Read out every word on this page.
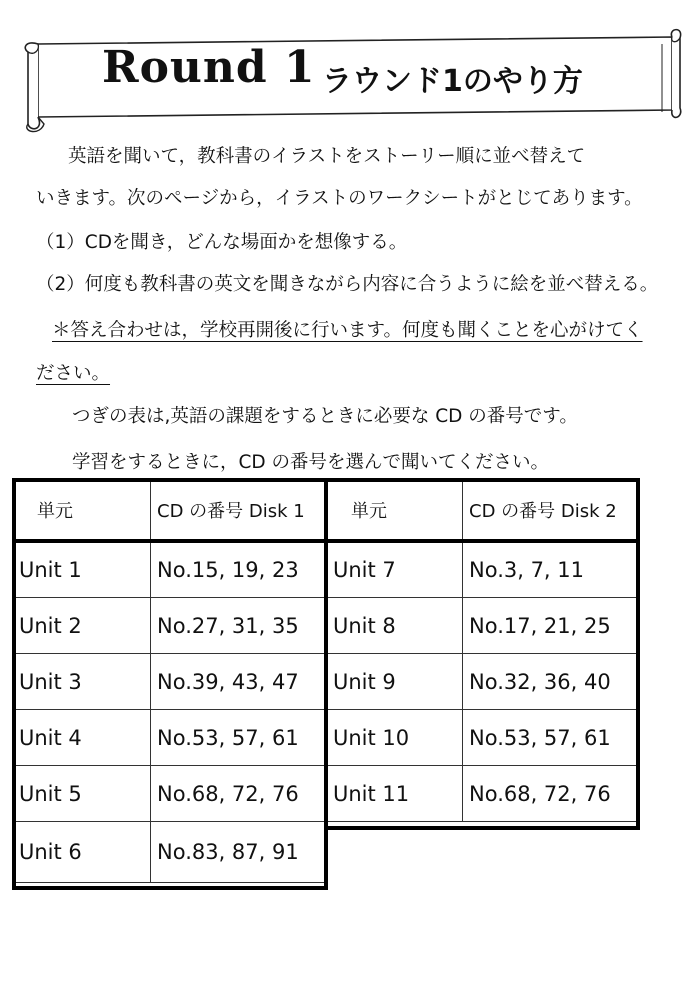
Round 1 ラウンド1のやり方
英語を聞いて，教科書のイラストをストーリー順に並べ替えて
いきます。次のページから，イラストのワークシートがとじてあります。
（1）CDを聞き，どんな場面かを想像する。
（2）何度も教科書の英文を聞きながら内容に合うように絵を並べ替える。
＊答え合わせは，学校再開後に行います。何度も聞くことを心がけてく
ださい。
つぎの表は,英語の課題をするときに必要な CD の番号です。
学習をするときに，CD の番号を選んで聞いてください。
単元	CD の番号 Disk 1
Unit 1	No.15, 19, 23
Unit 2	No.27, 31, 35
Unit 3	No.39, 43, 47
Unit 4	No.53, 57, 61
Unit 5	No.68, 72, 76
Unit 6	No.83, 87, 91
単元	CD の番号 Disk 2
Unit 7	No.3, 7, 11
Unit 8	No.17, 21, 25
Unit 9	No.32, 36, 40
Unit 10	No.53, 57, 61
Unit 11	No.68, 72, 76
